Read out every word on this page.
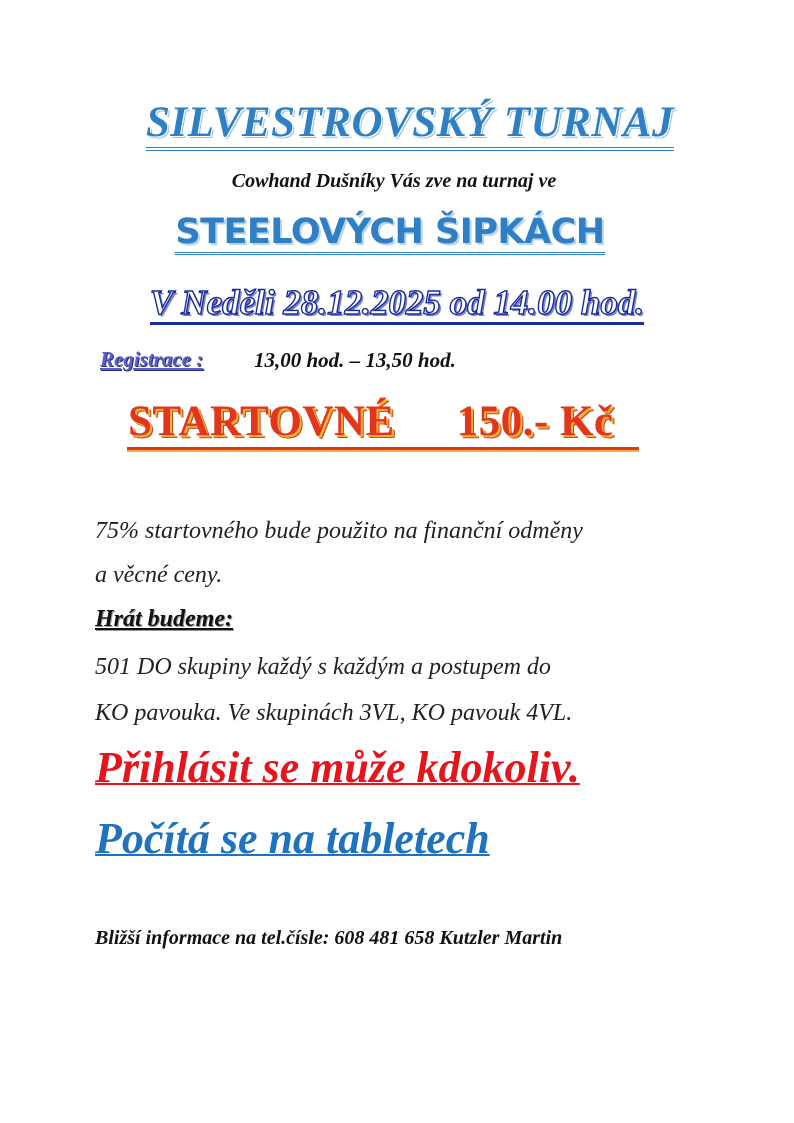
SILVESTROVSKÝ TURNAJ
Cowhand Dušníky Vás zve na turnaj ve
STEELOVÝCH ŠIPKÁCH
V Neděli 28.12.2025 od 14.00 hod.
Registrace : 13,00 hod. – 13,50 hod.
STARTOVNÉ 150.- Kč
75% startovného bude použito na finanční odměny
a věcné ceny.
Hrát budeme:
501 DO skupiny každý s každým a postupem do
KO pavouka. Ve skupinách 3VL, KO pavouk 4VL.
Přihlásit se může kdokoliv.
Počítá se na tabletech
Bližší informace na tel.čísle: 608 481 658 Kutzler Martin
